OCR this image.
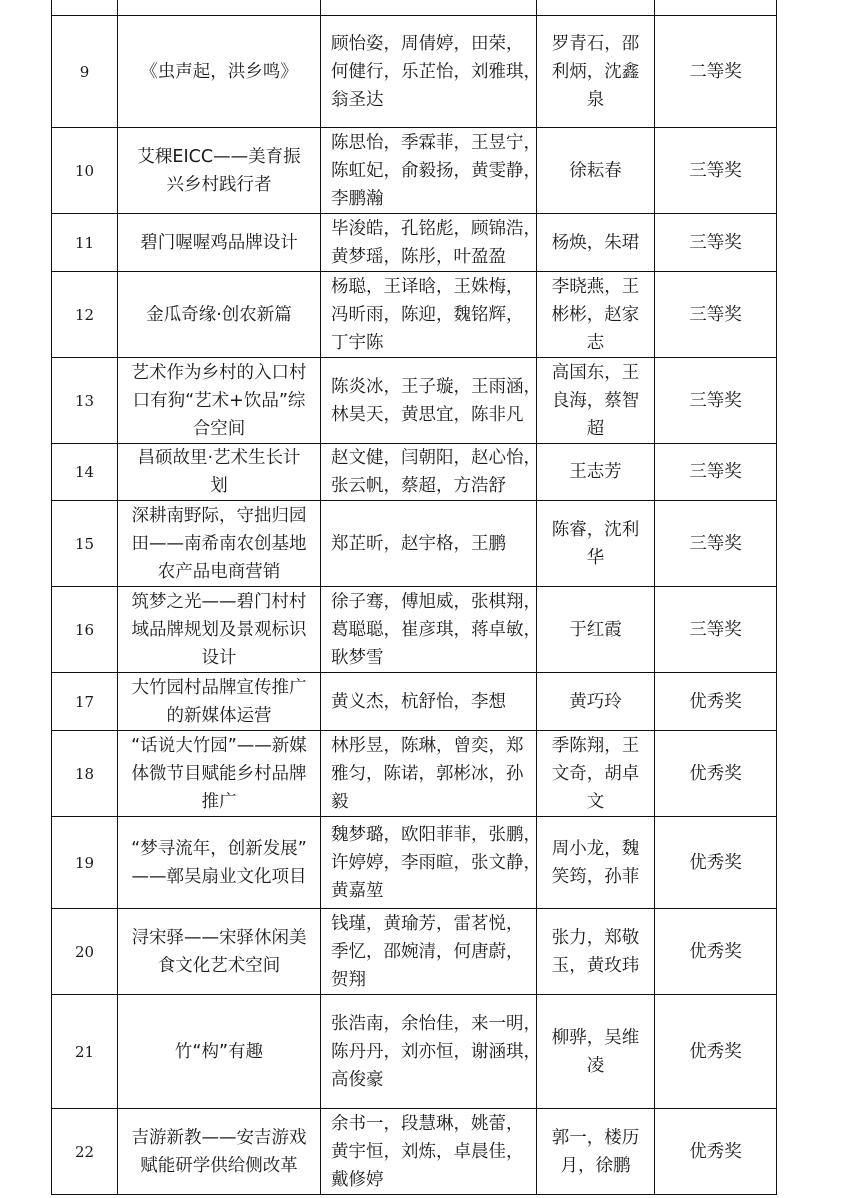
9	《虫声起，洪乡鸣》	顾怡姿，周倩婷，田荣，
何健行，乐芷怡，刘雅琪，
翁圣达	罗青石，邵
利炳，沈鑫
泉	二等奖
10	艾稞EICC——美育振
兴乡村践行者	陈思怡，季霖菲，王昱宁，
陈虹妃，俞毅扬，黄雯静，
李鹏瀚	徐耘春	三等奖
11	碧门喔喔鸡品牌设计	毕浚皓，孔铭彪，顾锦浩，
黄梦瑶，陈彤，叶盈盈	杨焕，朱珺	三等奖
12	金瓜奇缘·创农新篇	杨聪，王译晗，王姝梅，
冯昕雨，陈迎，魏铭辉，
丁宇陈	李晓燕，王
彬彬，赵家
志	三等奖
13	艺术作为乡村的入口村
口有狗“艺术+饮品”综
合空间	陈炎冰，王子璇，王雨涵，
林昊天，黄思宜，陈非凡	高国东，王
良海，蔡智
超	三等奖
14	昌硕故里·艺术生长计
划	赵文健，闫朝阳，赵心怡，
张云帆，蔡超，方浩舒	王志芳	三等奖
15	深耕南野际，守拙归园
田——南希南农创基地
农产品电商营销	郑芷昕，赵宇格，王鹏	陈睿，沈利
华	三等奖
16	筑梦之光——碧门村村
域品牌规划及景观标识
设计	徐子骞，傅旭威，张棋翔，
葛聪聪，崔彦琪，蒋卓敏，
耿梦雪	于红霞	三等奖
17	大竹园村品牌宣传推广
的新媒体运营	黄义杰，杭舒怡，李想	黄巧玲	优秀奖
18	“话说大竹园”——新媒
体微节目赋能乡村品牌
推广	林彤昱，陈琳，曾奕，郑
雅匀，陈诺，郭彬冰，孙
毅	季陈翔，王
文奇，胡卓
文	优秀奖
19	“梦寻流年，创新发展”
——鄣吴扇业文化项目	魏梦璐，欧阳菲菲，张鹏，
许婷婷，李雨暄，张文静，
黄嘉堃	周小龙，魏
笑筠，孙菲	优秀奖
20	浔宋驿——宋驿休闲美
食文化艺术空间	钱瑾，黄瑜芳，雷茗悦，
季忆，邵婉清，何唐蔚，
贺翔	张力，郑敬
玉，黄玫玮	优秀奖
21	竹“构”有趣	张浩南，余怡佳，来一明，
陈丹丹，刘亦恒，谢涵琪，
高俊豪	柳骅，吴维
凌	优秀奖
22	吉游新教——安吉游戏
赋能研学供给侧改革	余书一，段慧琳，姚蕾，
黄宇恒，刘炼，卓晨佳，
戴修婷	郭一，楼历
月，徐鹏	优秀奖
